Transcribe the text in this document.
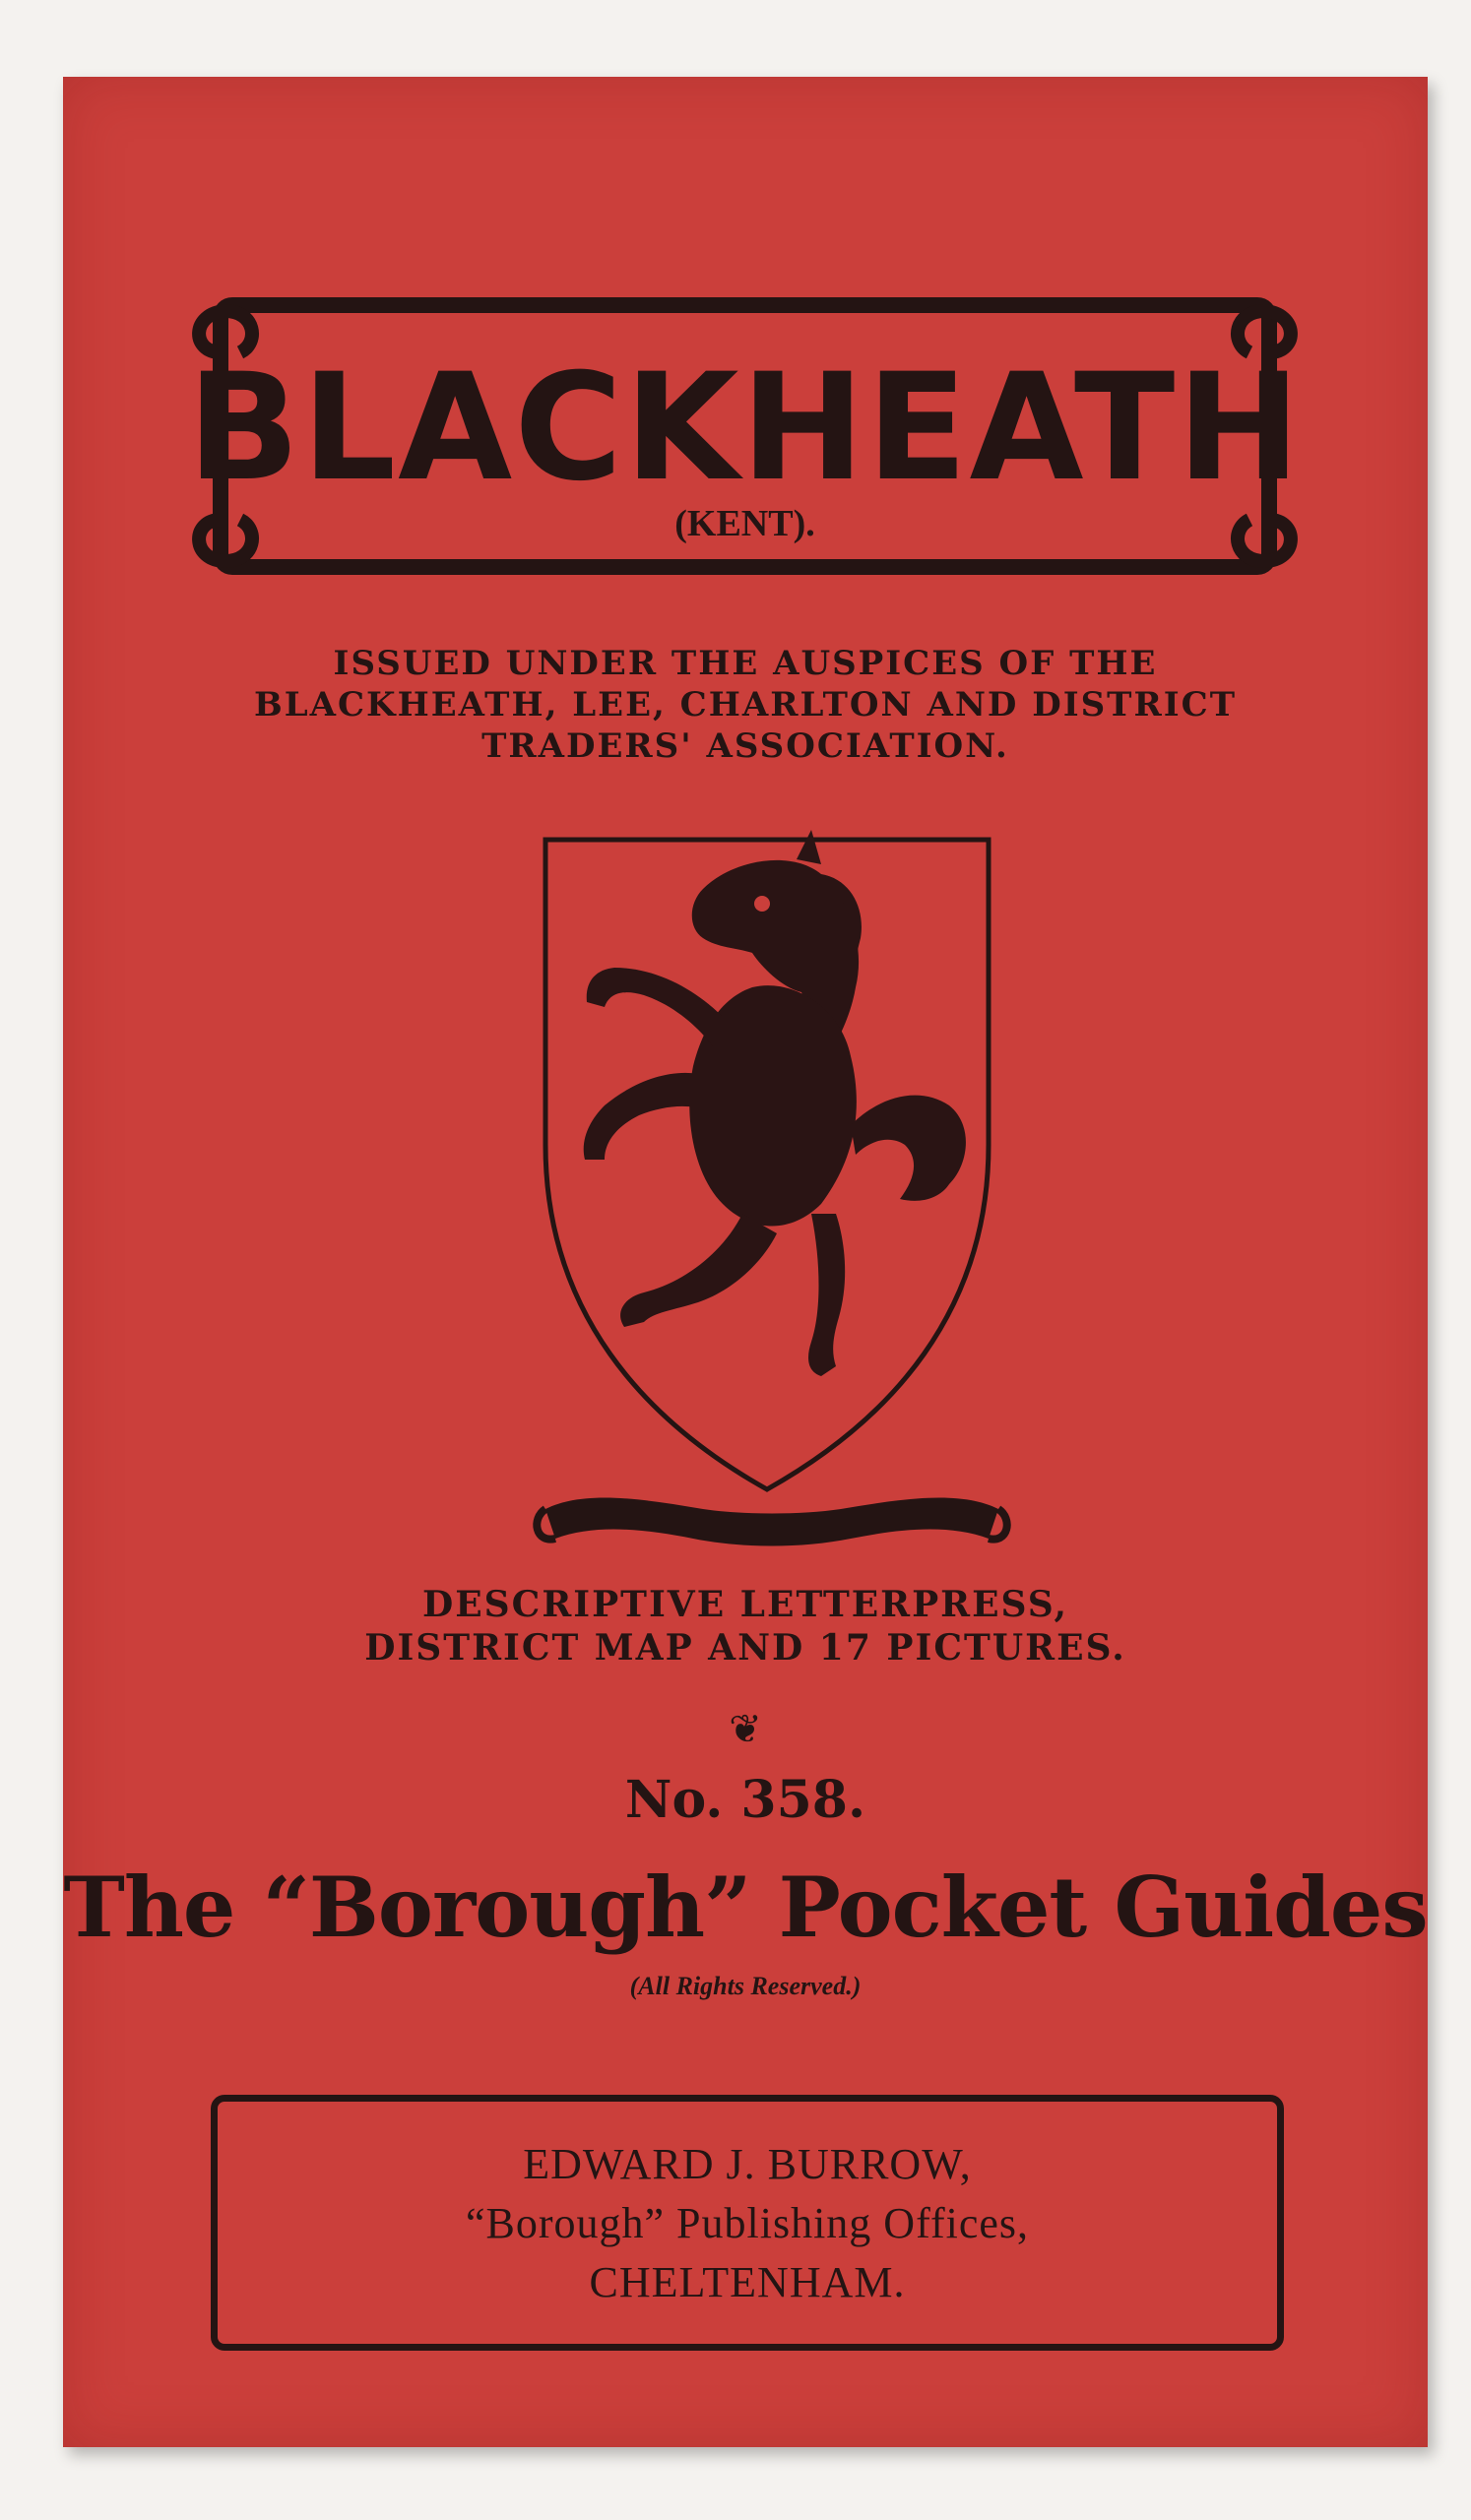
BLACKHEATH
(KENT).
ISSUED UNDER THE AUSPICES OF THE
BLACKHEATH, LEE, CHARLTON AND DISTRICT
TRADERS' ASSOCIATION.
DESCRIPTIVE LETTERPRESS,
DISTRICT MAP AND 17 PICTURES.
❦
No. 358.
The “Borough” Pocket Guides
(All Rights Reserved.)
EDWARD J. BURROW,
“Borough” Publishing Offices,
CHELTENHAM.
